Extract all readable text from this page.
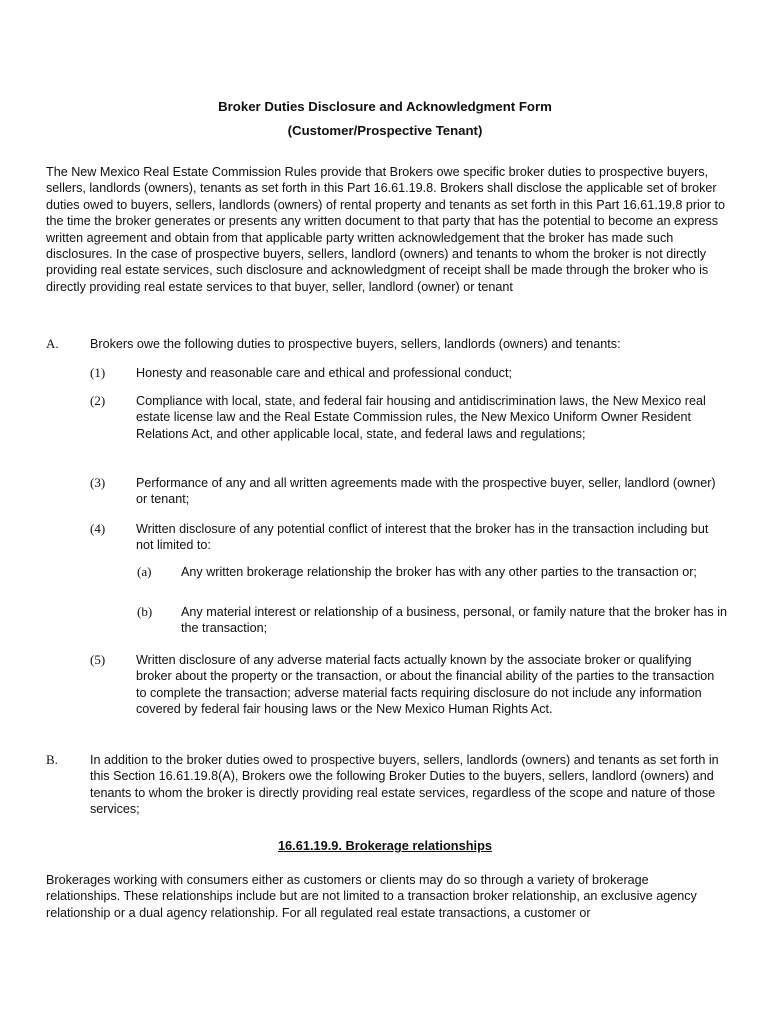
Broker Duties Disclosure and Acknowledgment Form
(Customer/Prospective Tenant)
The New Mexico Real Estate Commission Rules provide that Brokers owe specific broker duties to prospective buyers, sellers, landlords (owners), tenants as set forth in this Part 16.61.19.8. Brokers shall disclose the applicable set of broker duties owed to buyers, sellers, landlords (owners) of rental property and tenants as set forth in this Part 16.61.19.8 prior to the time the broker generates or presents any written document to that party that has the potential to become an express written agreement and obtain from that applicable party written acknowledgement that the broker has made such disclosures. In the case of prospective buyers, sellers, landlord (owners) and tenants to whom the broker is not directly providing real estate services, such disclosure and acknowledgment of receipt shall be made through the broker who is directly providing real estate services to that buyer, seller, landlord (owner) or tenant
A. Brokers owe the following duties to prospective buyers, sellers, landlords (owners) and tenants:
(1) Honesty and reasonable care and ethical and professional conduct;
(2) Compliance with local, state, and federal fair housing and antidiscrimination laws, the New Mexico real estate license law and the Real Estate Commission rules, the New Mexico Uniform Owner Resident Relations Act, and other applicable local, state, and federal laws and regulations;
(3) Performance of any and all written agreements made with the prospective buyer, seller, landlord (owner) or tenant;
(4) Written disclosure of any potential conflict of interest that the broker has in the transaction including but not limited to:
(a) Any written brokerage relationship the broker has with any other parties to the transaction or;
(b) Any material interest or relationship of a business, personal, or family nature that the broker has in the transaction;
(5) Written disclosure of any adverse material facts actually known by the associate broker or qualifying broker about the property or the transaction, or about the financial ability of the parties to the transaction to complete the transaction; adverse material facts requiring disclosure do not include any information covered by federal fair housing laws or the New Mexico Human Rights Act.
B.	In addition to the broker duties owed to prospective buyers, sellers, landlords (owners) and tenants as set forth in this Section 16.61.19.8(A), Brokers owe the following Broker Duties to the buyers, sellers, landlord (owners) and tenants to whom the broker is directly providing real estate services, regardless of the scope and nature of those services;
16.61.19.9. Brokerage relationships
Brokerages working with consumers either as customers or clients may do so through a variety of brokerage relationships. These relationships include but are not limited to a transaction broker relationship, an exclusive agency relationship or a dual agency relationship. For all regulated real estate transactions, a customer or
